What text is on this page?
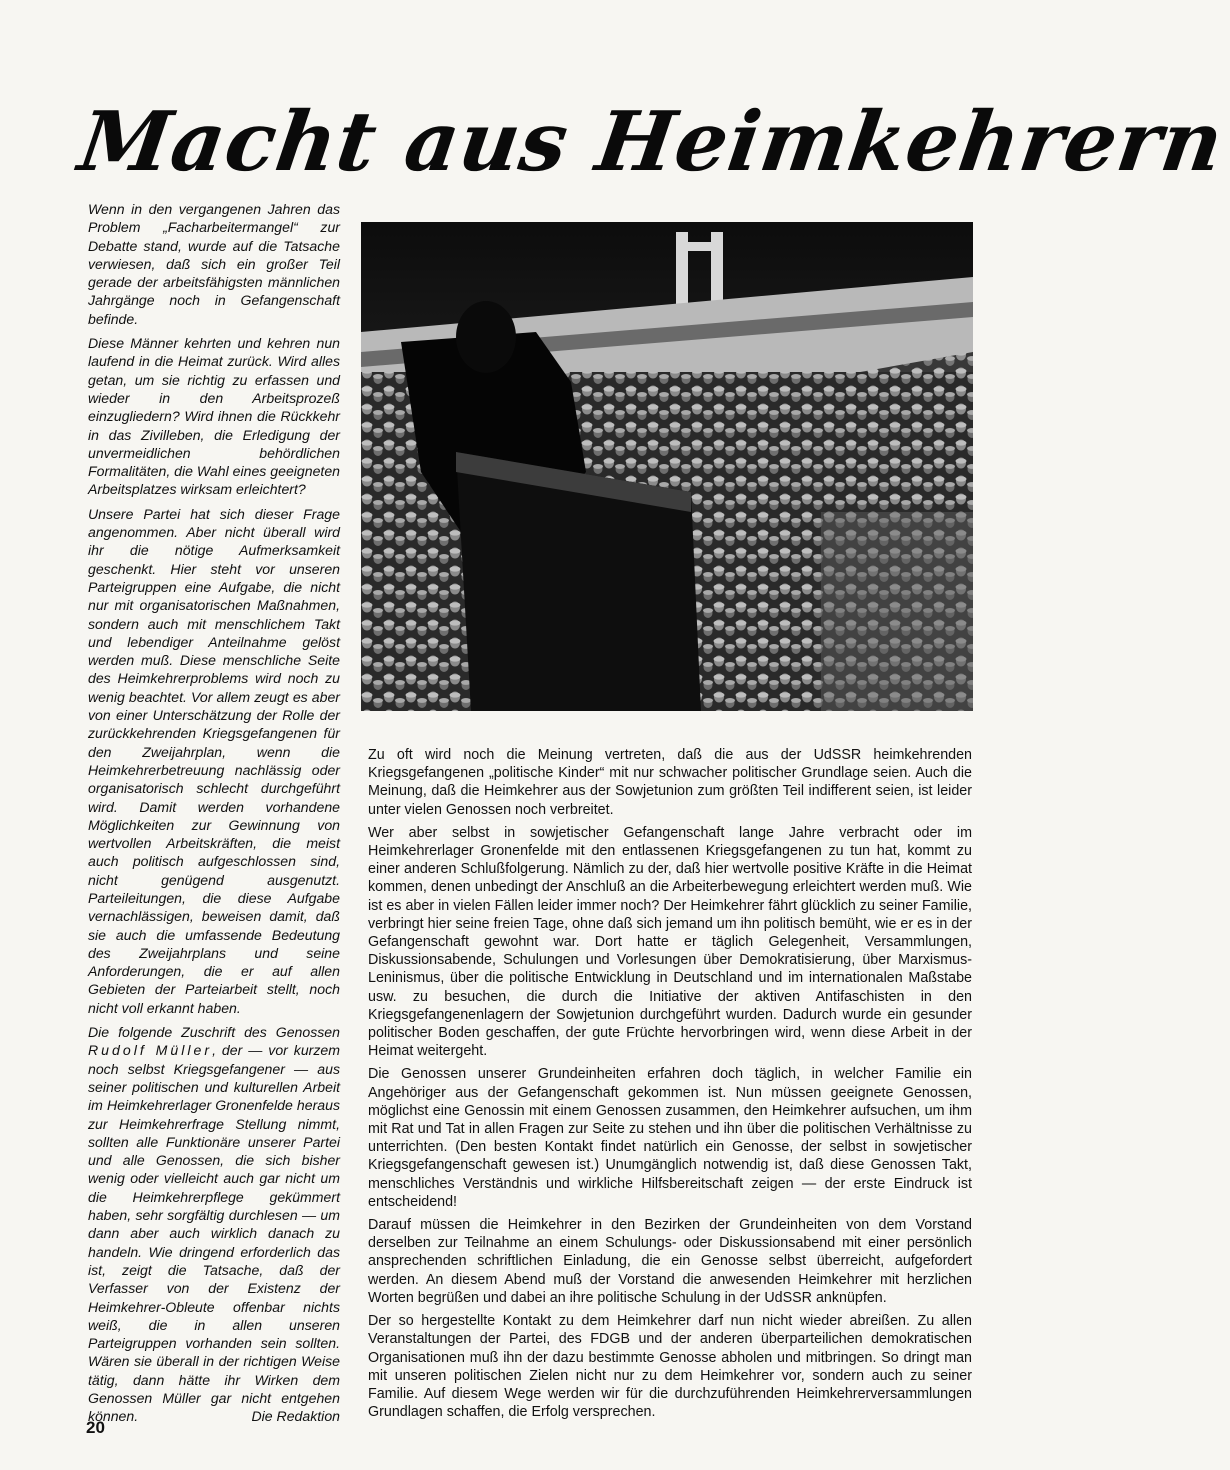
Macht aus Heimkehrern

Wenn in den vergangenen Jahren das Problem „Facharbeitermangel“ zur Debatte stand, wurde auf die Tatsache verwiesen, daß sich ein großer Teil gerade der arbeitsfähigsten männlichen Jahrgänge noch in Gefangenschaft befinde.

Diese Männer kehrten und kehren nun laufend in die Heimat zurück. Wird alles getan, um sie richtig zu erfassen und wieder in den Arbeitsprozeß einzugliedern? Wird ihnen die Rückkehr in das Zivilleben, die Erledigung der unvermeidlichen behördlichen Formalitäten, die Wahl eines geeigneten Arbeitsplatzes wirksam erleichtert?

Unsere Partei hat sich dieser Frage angenommen. Aber nicht überall wird ihr die nötige Aufmerksamkeit geschenkt. Hier steht vor unseren Parteigruppen eine Aufgabe, die nicht nur mit organisatorischen Maßnahmen, sondern auch mit menschlichem Takt und lebendiger Anteilnahme gelöst werden muß. Diese menschliche Seite des Heimkehrerproblems wird noch zu wenig beachtet. Vor allem zeugt es aber von einer Unterschätzung der Rolle der zurückkehrenden Kriegsgefangenen für den Zweijahrplan, wenn die Heimkehrerbetreuung nachlässig oder organisatorisch schlecht durchgeführt wird. Damit werden vorhandene Möglichkeiten zur Gewinnung von wertvollen Arbeitskräften, die meist auch politisch aufgeschlossen sind, nicht genügend ausgenutzt. Parteileitungen, die diese Aufgabe vernachlässigen, beweisen damit, daß sie auch die umfassende Bedeutung des Zweijahrplans und seine Anforderungen, die er auf allen Gebieten der Parteiarbeit stellt, noch nicht voll erkannt haben.

Die folgende Zuschrift des Genossen Rudolf Müller, der — vor kurzem noch selbst Kriegsgefangener — aus seiner politischen und kulturellen Arbeit im Heimkehrerlager Gronenfelde heraus zur Heimkehrerfrage Stellung nimmt, sollten alle Funktionäre unserer Partei und alle Genossen, die sich bisher wenig oder vielleicht auch gar nicht um die Heimkehrerpflege gekümmert haben, sehr sorgfältig durchlesen — um dann aber auch wirklich danach zu handeln. Wie dringend erforderlich das ist, zeigt die Tatsache, daß der Verfasser von der Existenz der Heimkehrer-Obleute offenbar nichts weiß, die in allen unseren Parteigruppen vorhanden sein sollten. Wären sie überall in der richtigen Weise tätig, dann hätte ihr Wirken dem Genossen Müller gar nicht entgehen können.	Die Redaktion

Zu oft wird noch die Meinung vertreten, daß die aus der UdSSR heimkehrenden Kriegsgefangenen „politische Kinder“ mit nur schwacher politischer Grundlage seien. Auch die Meinung, daß die Heimkehrer aus der Sowjetunion zum größten Teil indifferent seien, ist leider unter vielen Genossen noch verbreitet.

Wer aber selbst in sowjetischer Gefangenschaft lange Jahre verbracht oder im Heimkehrerlager Gronenfelde mit den entlassenen Kriegsgefangenen zu tun hat, kommt zu einer anderen Schlußfolgerung. Nämlich zu der, daß hier wertvolle positive Kräfte in die Heimat kommen, denen unbedingt der Anschluß an die Arbeiterbewegung erleichtert werden muß. Wie ist es aber in vielen Fällen leider immer noch? Der Heimkehrer fährt glücklich zu seiner Familie, verbringt hier seine freien Tage, ohne daß sich jemand um ihn politisch bemüht, wie er es in der Gefangenschaft gewohnt war. Dort hatte er täglich Gelegenheit, Versammlungen, Diskussionsabende, Schulungen und Vorlesungen über Demokratisierung, über Marxismus-Leninismus, über die politische Entwicklung in Deutschland und im internationalen Maßstabe usw. zu besuchen, die durch die Initiative der aktiven Antifaschisten in den Kriegsgefangenenlagern der Sowjetunion durchgeführt wurden. Dadurch wurde ein gesunder politischer Boden geschaffen, der gute Früchte hervorbringen wird, wenn diese Arbeit in der Heimat weitergeht.

Die Genossen unserer Grundeinheiten erfahren doch täglich, in welcher Familie ein Angehöriger aus der Gefangenschaft gekommen ist. Nun müssen geeignete Genossen, möglichst eine Genossin mit einem Genossen zusammen, den Heimkehrer aufsuchen, um ihm mit Rat und Tat in allen Fragen zur Seite zu stehen und ihn über die politischen Verhältnisse zu unterrichten. (Den besten Kontakt findet natürlich ein Genosse, der selbst in sowjetischer Kriegsgefangenschaft gewesen ist.) Unumgänglich notwendig ist, daß diese Genossen Takt, menschliches Verständnis und wirkliche Hilfsbereitschaft zeigen — der erste Eindruck ist entscheidend!

Darauf müssen die Heimkehrer in den Bezirken der Grundeinheiten von dem Vorstand derselben zur Teilnahme an einem Schulungs- oder Diskussionsabend mit einer persönlich ansprechenden schriftlichen Einladung, die ein Genosse selbst überreicht, aufgefordert werden. An diesem Abend muß der Vorstand die anwesenden Heimkehrer mit herzlichen Worten begrüßen und dabei an ihre politische Schulung in der UdSSR anknüpfen.

Der so hergestellte Kontakt zu dem Heimkehrer darf nun nicht wieder abreißen. Zu allen Veranstaltungen der Partei, des FDGB und der anderen überparteilichen demokratischen Organisationen muß ihn der dazu bestimmte Genosse abholen und mitbringen. So dringt man mit unseren politischen Zielen nicht nur zu dem Heimkehrer vor, sondern auch zu seiner Familie. Auf diesem Wege werden wir für die durchzuführenden Heimkehrerversammlungen Grundlagen schaffen, die Erfolg versprechen.

20
